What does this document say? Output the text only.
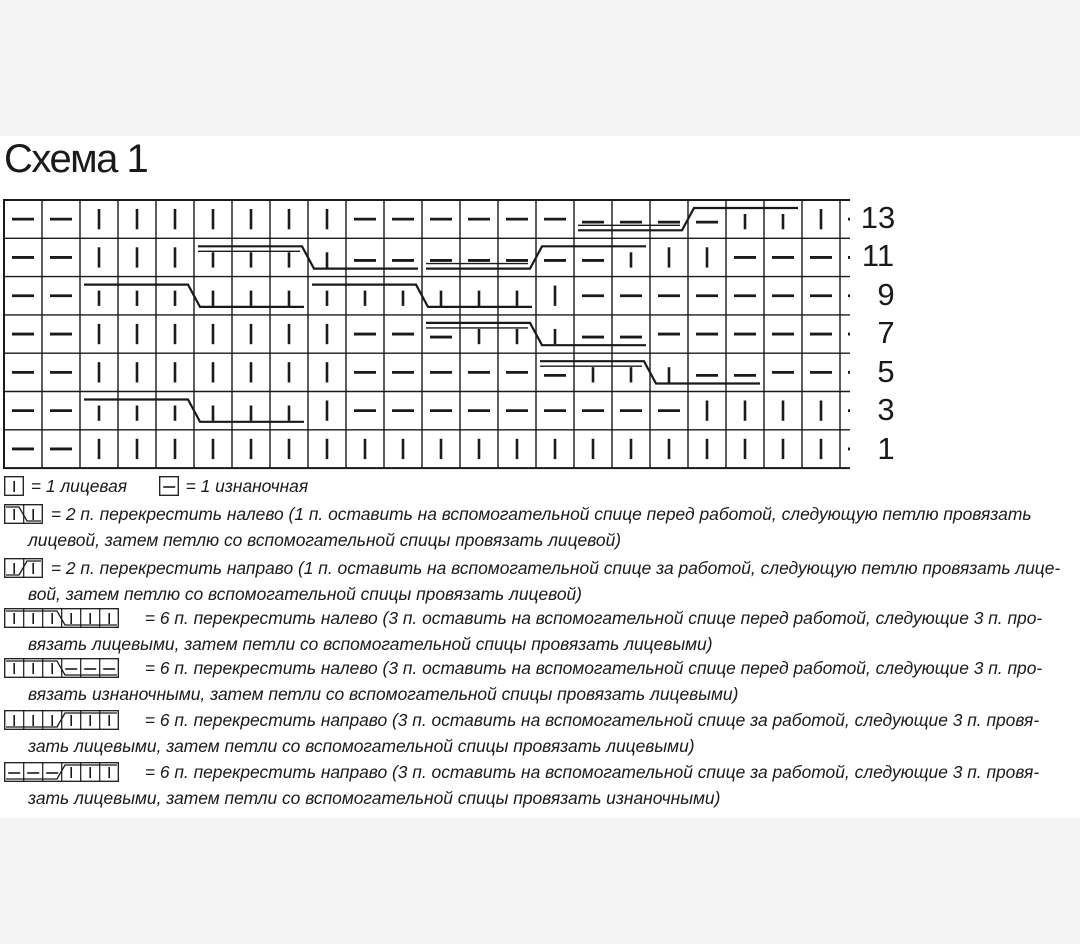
Схема 1
13
11
9
7
5
3
1
= 1 лицевая	= 1 изнаночная
= 2 п. перекрестить налево (1 п. оставить на вспомогательной спице перед работой, следующую петлю провязать
лицевой, затем петлю со вспомогательной спицы провязать лицевой)
= 2 п. перекрестить направо (1 п. оставить на вспомогательной спице за работой, следующую петлю провязать лице-
вой, затем петлю со вспомогательной спицы провязать лицевой)
= 6 п. перекрестить налево (3 п. оставить на вспомогательной спице перед работой, следующие 3 п. про-
вязать лицевыми, затем петли со вспомогательной спицы провязать лицевыми)
= 6 п. перекрестить налево (3 п. оставить на вспомогательной спице перед работой, следующие 3 п. про-
вязать изнаночными, затем петли со вспомогательной спицы провязать лицевыми)
= 6 п. перекрестить направо (3 п. оставить на вспомогательной спице за работой, следующие 3 п. провя-
зать лицевыми, затем петли со вспомогательной спицы провязать лицевыми)
= 6 п. перекрестить направо (3 п. оставить на вспомогательной спице за работой, следующие 3 п. провя-
зать лицевыми, затем петли со вспомогательной спицы провязать изнаночными)
